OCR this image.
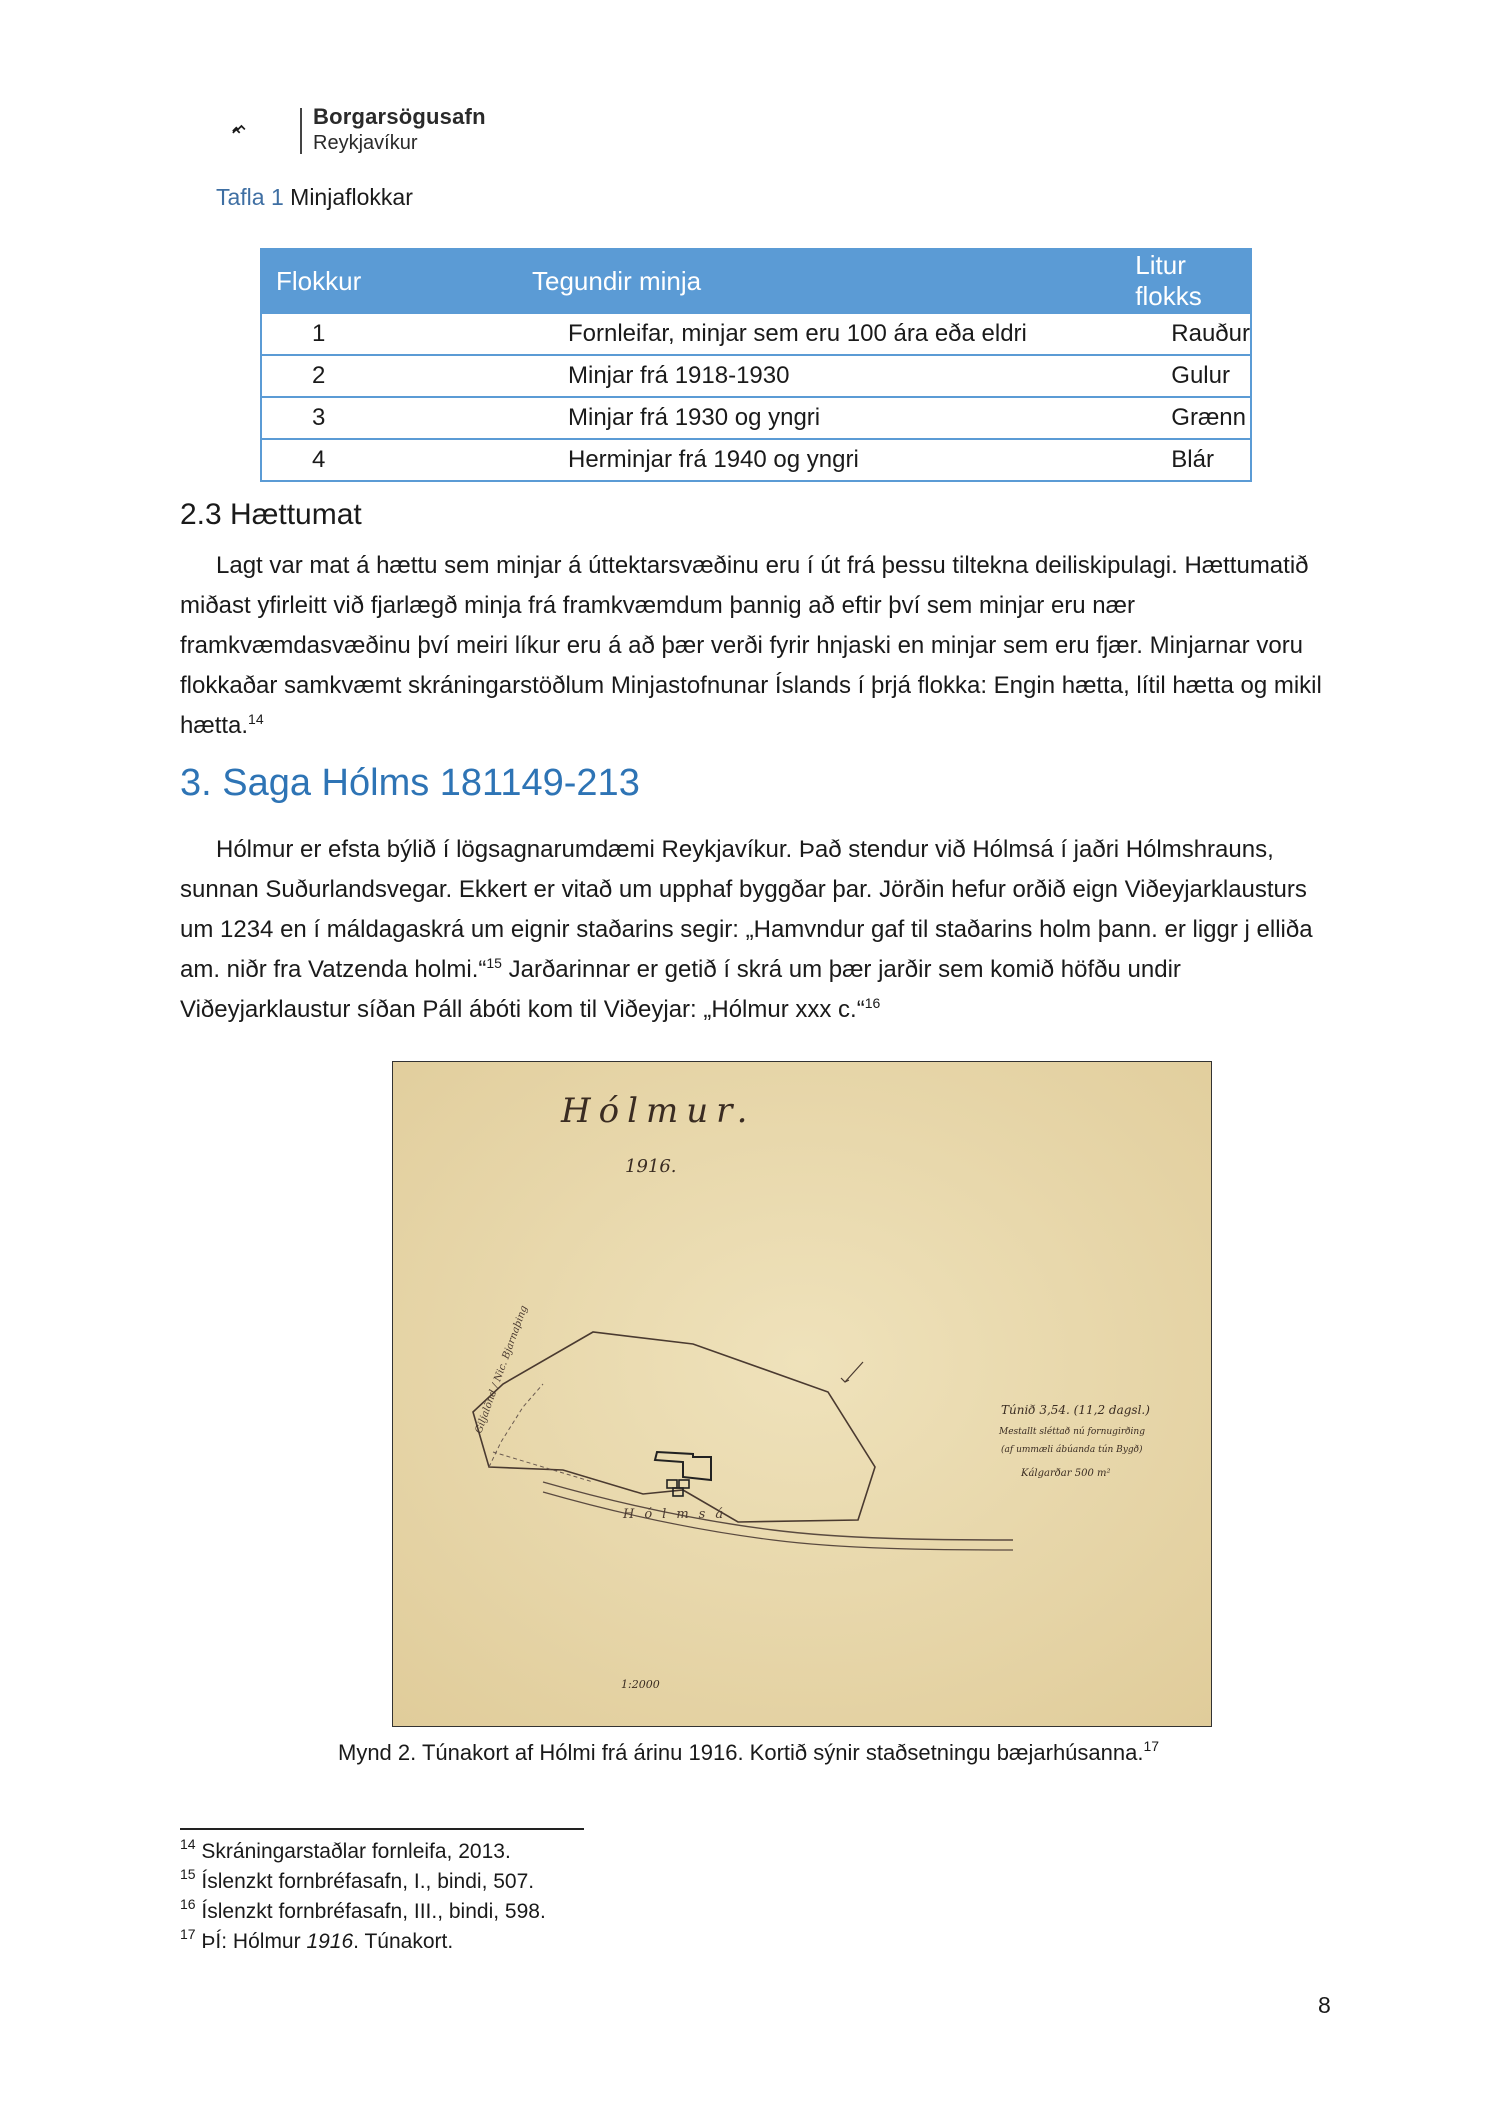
Borgarsögusafn
Reykjavíkur
Tafla 1 Minjaflokkar
Flokkur	Tegundir minja	Litur flokks
1	Fornleifar, minjar sem eru 100 ára eða eldri	Rauður
2	Minjar frá 1918-1930	Gulur
3	Minjar frá 1930 og yngri	Grænn
4	Herminjar frá 1940 og yngri	Blár
2.3 Hættumat

Lagt var mat á hættu sem minjar á úttektarsvæðinu eru í út frá þessu tiltekna deiliskipulagi. Hættumatið miðast yfirleitt við fjarlægð minja frá framkvæmdum þannig að eftir því sem minjar eru nær framkvæmdasvæðinu því meiri líkur eru á að þær verði fyrir hnjaski en minjar sem eru fjær. Minjarnar voru flokkaðar samkvæmt skráningarstöðlum Minjastofnunar Íslands í þrjá flokka: Engin hætta, lítil hætta og mikil hætta.$^{14}$

3. Saga Hólms 181149-213

Hólmur er efsta býlið í lögsagnarumdæmi Reykjavíkur. Það stendur við Hólmsá í jaðri Hólmshrauns, sunnan Suðurlandsvegar. Ekkert er vitað um upphaf byggðar þar. Jörðin hefur orðið eign Viðeyjarklausturs um 1234 en í máldagaskrá um eignir staðarins segir: „Hamvndur gaf til staðarins holm þann. er liggr j elliða am. niðr fra Vatzenda holmi.“$^{15}$ Jarðarinnar er getið í skrá um þær jarðir sem komið höfðu undir Viðeyjarklaustur síðan Páll ábóti kom til Viðeyjar: „Hólmur xxx c.“$^{16}$

Hólmur.
1916.
Hólmsá
Giljalönd / Nic. Bjarnaþing	Túnið 3,54. (11,2 dagsl.)
Mestallt sléttað nú fornugirðing
(af ummæli ábúanda tún Bygð)
Kálgarðar 500 m²
1:2000
Mynd 2. Túnakort af Hólmi frá árinu 1916. Kortið sýnir staðsetningu bæjarhúsanna.$^{17}$
$^{14}$ Skráningarstaðlar fornleifa, 2013.
$^{15}$ Íslenzkt fornbréfasafn, I., bindi, 507.
$^{16}$ Íslenzkt fornbréfasafn, III., bindi, 598.
$^{17}$ ÞÍ: Hólmur 1916. Túnakort.
8
